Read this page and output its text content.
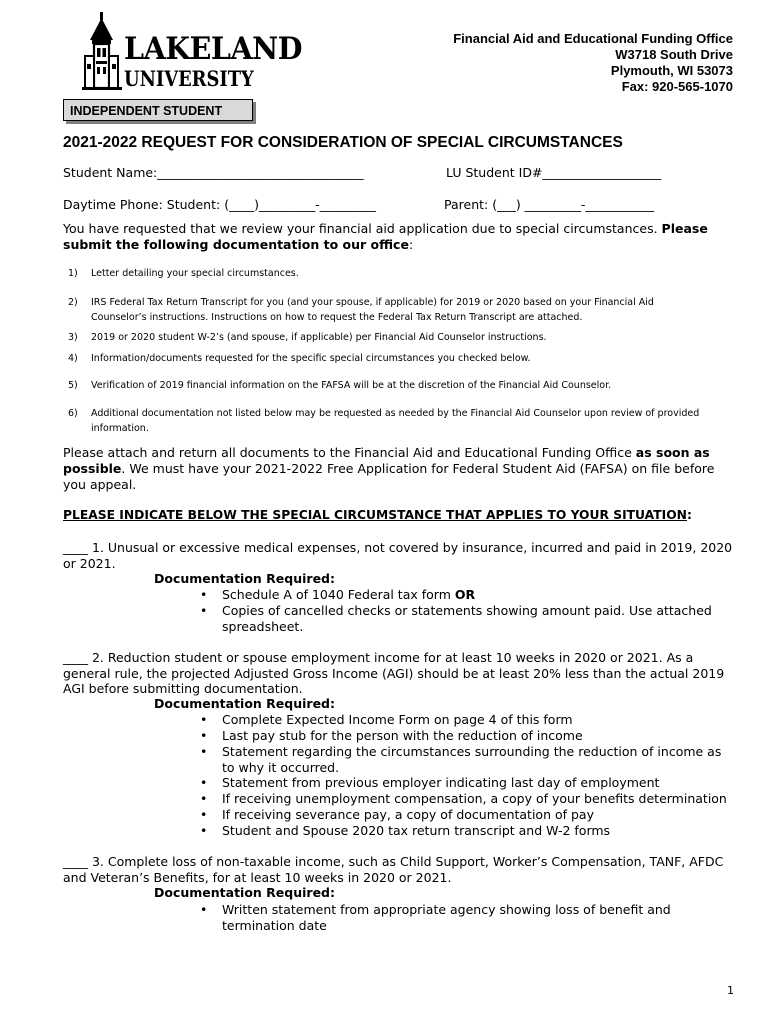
LAKELAND
UNIVERSITY
Financial Aid and Educational Funding Office
W3718 South Drive
Plymouth, WI 53073
Fax: 920-565-1070
INDEPENDENT STUDENT
2021-2022 REQUEST FOR CONSIDERATION OF SPECIAL CIRCUMSTANCES
Student Name:_________________________________	LU Student ID#___________________
Daytime Phone: Student: (____)_________-_________	Parent: (___) _________-___________
You have requested that we review your financial aid application due to special circumstances. Please submit the following documentation to our office:
1) Letter detailing your special circumstances.
2) IRS Federal Tax Return Transcript for you (and your spouse, if applicable) for 2019 or 2020 based on your Financial Aid Counselor’s instructions. Instructions on how to request the Federal Tax Return Transcript are attached.
3) 2019 or 2020 student W-2’s (and spouse, if applicable) per Financial Aid Counselor instructions.
4) Information/documents requested for the specific special circumstances you checked below.
5) Verification of 2019 financial information on the FAFSA will be at the discretion of the Financial Aid Counselor.
6) Additional documentation not listed below may be requested as needed by the Financial Aid Counselor upon review of provided information.
Please attach and return all documents to the Financial Aid and Educational Funding Office as soon as possible. We must have your 2021-2022 Free Application for Federal Student Aid (FAFSA) on file before you appeal.
PLEASE INDICATE BELOW THE SPECIAL CIRCUMSTANCE THAT APPLIES TO YOUR SITUATION:
____ 1. Unusual or excessive medical expenses, not covered by insurance, incurred and paid in 2019, 2020 or 2021.
Documentation Required:
• Schedule A of 1040 Federal tax form OR
• Copies of cancelled checks or statements showing amount paid. Use attached spreadsheet.
____ 2. Reduction student or spouse employment income for at least 10 weeks in 2020 or 2021. As a general rule, the projected Adjusted Gross Income (AGI) should be at least 20% less than the actual 2019 AGI before submitting documentation.
Documentation Required:
• Complete Expected Income Form on page 4 of this form
• Last pay stub for the person with the reduction of income
• Statement regarding the circumstances surrounding the reduction of income as to why it occurred.
• Statement from previous employer indicating last day of employment
• If receiving unemployment compensation, a copy of your benefits determination
• If receiving severance pay, a copy of documentation of pay
• Student and Spouse 2020 tax return transcript and W-2 forms
____ 3. Complete loss of non-taxable income, such as Child Support, Worker’s Compensation, TANF, AFDC and Veteran’s Benefits, for at least 10 weeks in 2020 or 2021.
Documentation Required:
• Written statement from appropriate agency showing loss of benefit and termination date
1
